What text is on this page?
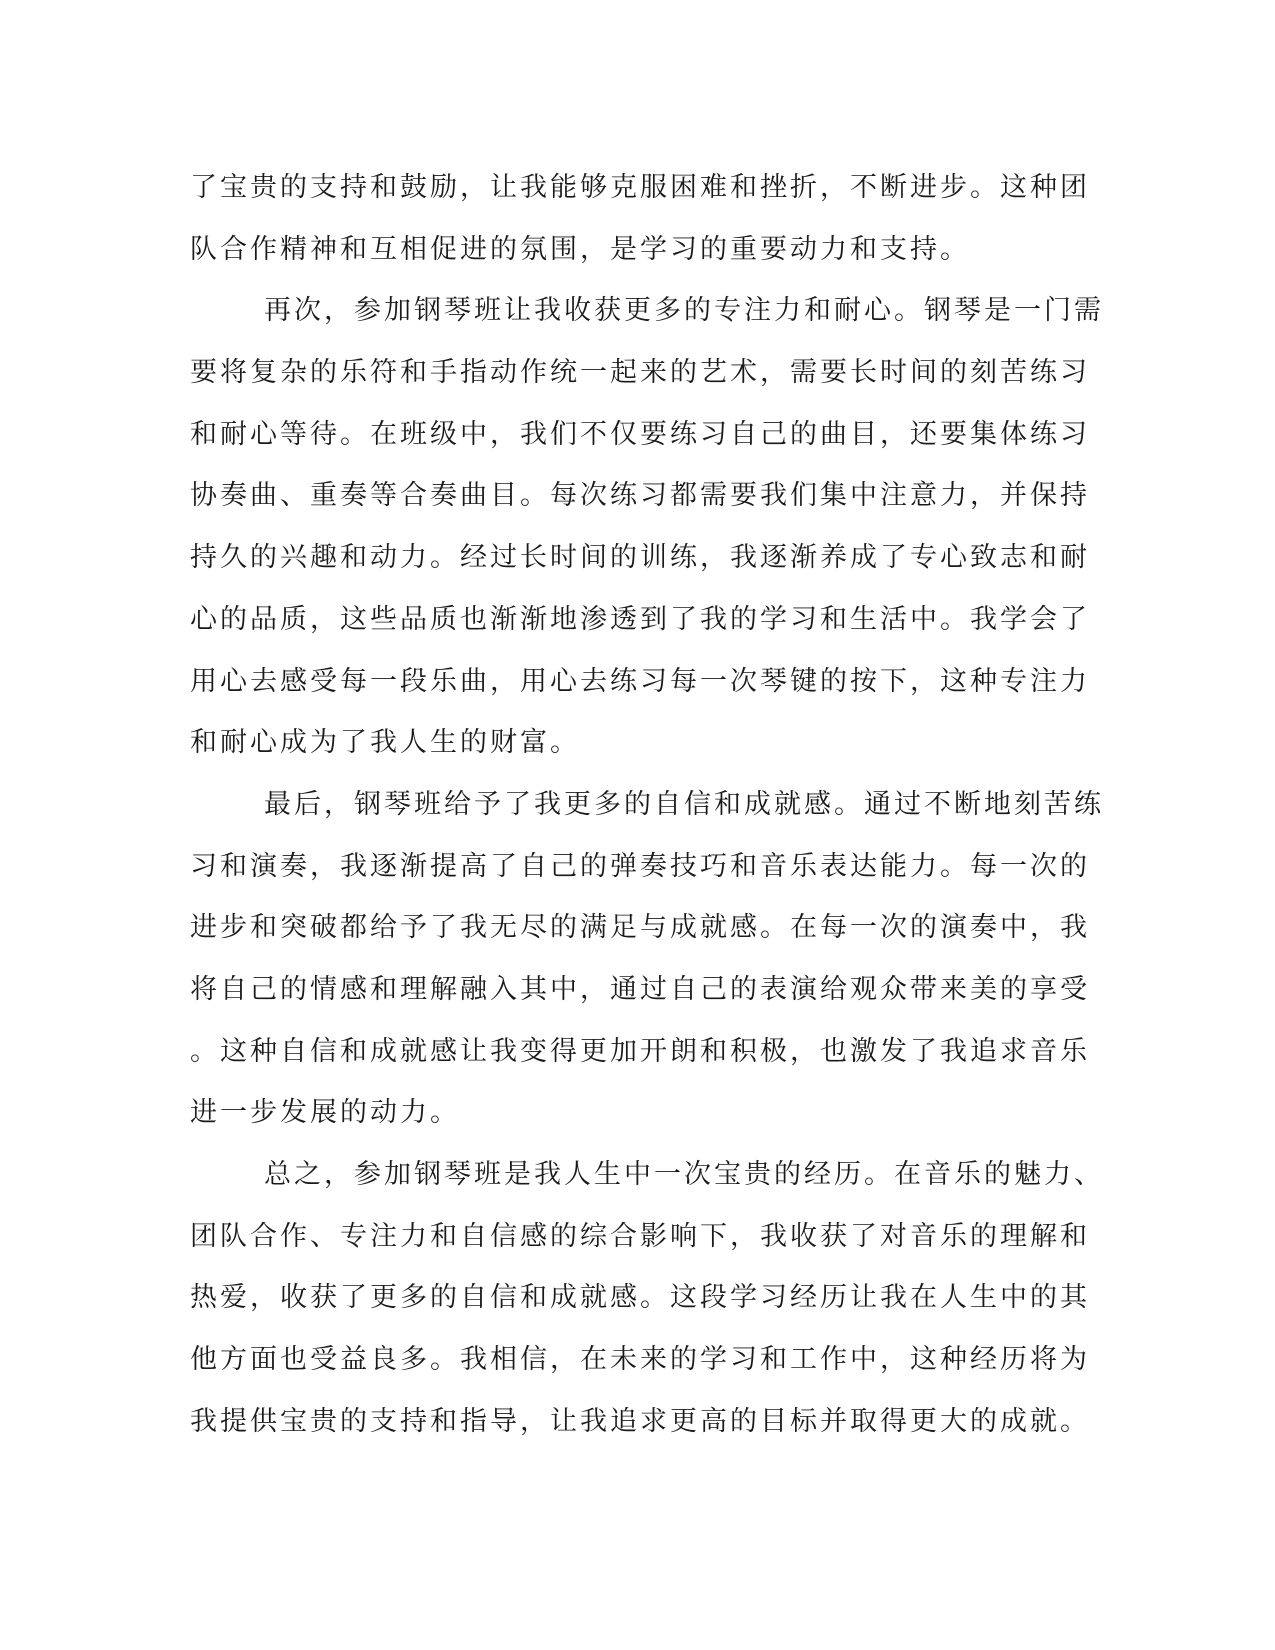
了宝贵的支持和鼓励，让我能够克服困难和挫折，不断进步。这种团
队合作精神和互相促进的氛围，是学习的重要动力和支持。
再次，参加钢琴班让我收获更多的专注力和耐心。钢琴是一门需
要将复杂的乐符和手指动作统一起来的艺术，需要长时间的刻苦练习
和耐心等待。在班级中，我们不仅要练习自己的曲目，还要集体练习
协奏曲、重奏等合奏曲目。每次练习都需要我们集中注意力，并保持
持久的兴趣和动力。经过长时间的训练，我逐渐养成了专心致志和耐
心的品质，这些品质也渐渐地渗透到了我的学习和生活中。我学会了
用心去感受每一段乐曲，用心去练习每一次琴键的按下，这种专注力
和耐心成为了我人生的财富。
最后，钢琴班给予了我更多的自信和成就感。通过不断地刻苦练
习和演奏，我逐渐提高了自己的弹奏技巧和音乐表达能力。每一次的
进步和突破都给予了我无尽的满足与成就感。在每一次的演奏中，我
将自己的情感和理解融入其中，通过自己的表演给观众带来美的享受
。这种自信和成就感让我变得更加开朗和积极，也激发了我追求音乐
进一步发展的动力。
总之，参加钢琴班是我人生中一次宝贵的经历。在音乐的魅力、
团队合作、专注力和自信感的综合影响下，我收获了对音乐的理解和
热爱，收获了更多的自信和成就感。这段学习经历让我在人生中的其
他方面也受益良多。我相信，在未来的学习和工作中，这种经历将为
我提供宝贵的支持和指导，让我追求更高的目标并取得更大的成就。
